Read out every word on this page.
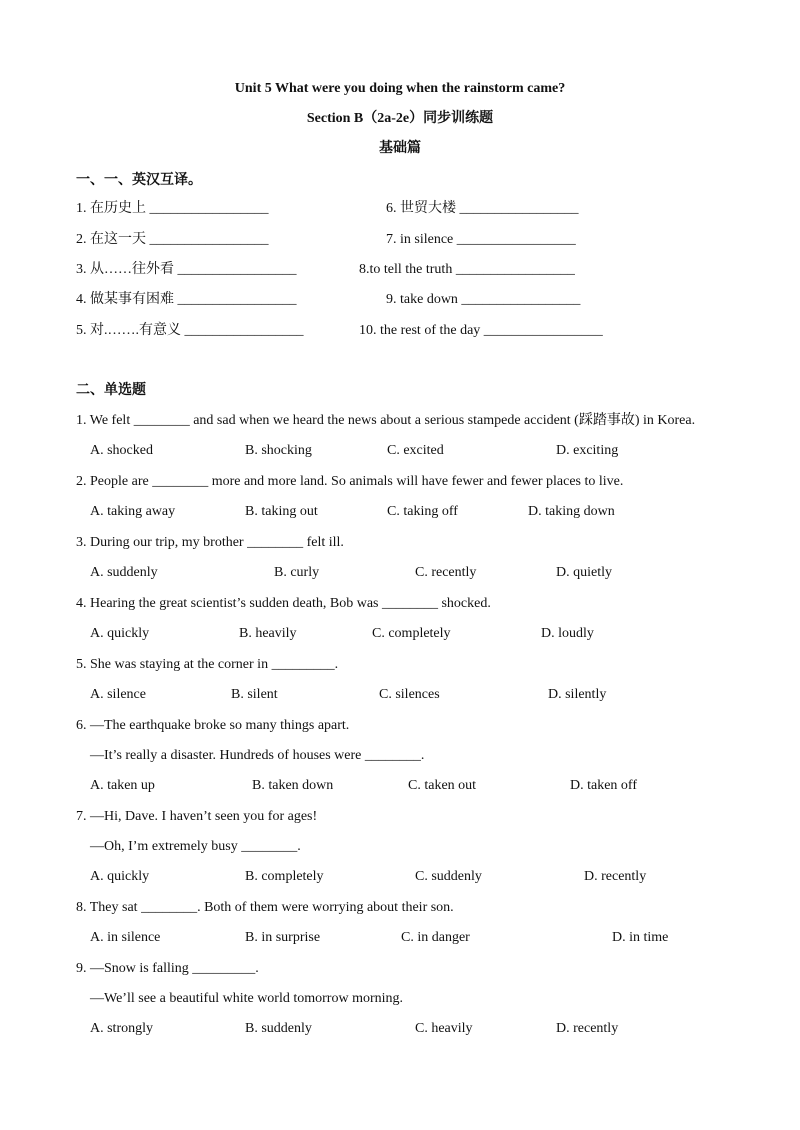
Unit 5 What were you doing when the rainstorm came?
Section B（2a-2e）同步训练题
基础篇
一、一、英汉互译。
1. 在历史上 _________________	6. 世贸大楼 _________________
2. 在这一天 _________________	7. in silence _________________
3. 从……往外看 _________________	8.to tell the truth _________________
4. 做某事有困难 _________________	9. take down _________________
5. 对.…….有意义 _________________	10. the rest of the day _________________
二、单选题
1. We felt ________ and sad when we heard the news about a serious stampede accident (踩踏事故) in Korea.
A. shocked	B. shocking	C. excited	D. exciting
2. People are ________ more and more land. So animals will have fewer and fewer places to live.
A. taking away	B. taking out	C. taking off	D. taking down
3. During our trip, my brother ________ felt ill.
A. suddenly	B. curly	C. recently	D. quietly
4. Hearing the great scientist’s sudden death, Bob was ________ shocked.
A. quickly	B. heavily	C. completely	D. loudly
5. She was staying at the corner in _________.
A. silence	B. silent	C. silences	D. silently
6. —The earthquake broke so many things apart.
—It’s really a disaster. Hundreds of houses were ________.
A. taken up	B. taken down	C. taken out	D. taken off
7. —Hi, Dave. I haven’t seen you for ages!
—Oh, I’m extremely busy ________.
A. quickly	B. completely	C. suddenly	D. recently
8. They sat ________. Both of them were worrying about their son.
A. in silence	B. in surprise	C. in danger	D. in time
9. —Snow is falling _________.
—We’ll see a beautiful white world tomorrow morning.
A. strongly	B. suddenly	C. heavily	D. recently
